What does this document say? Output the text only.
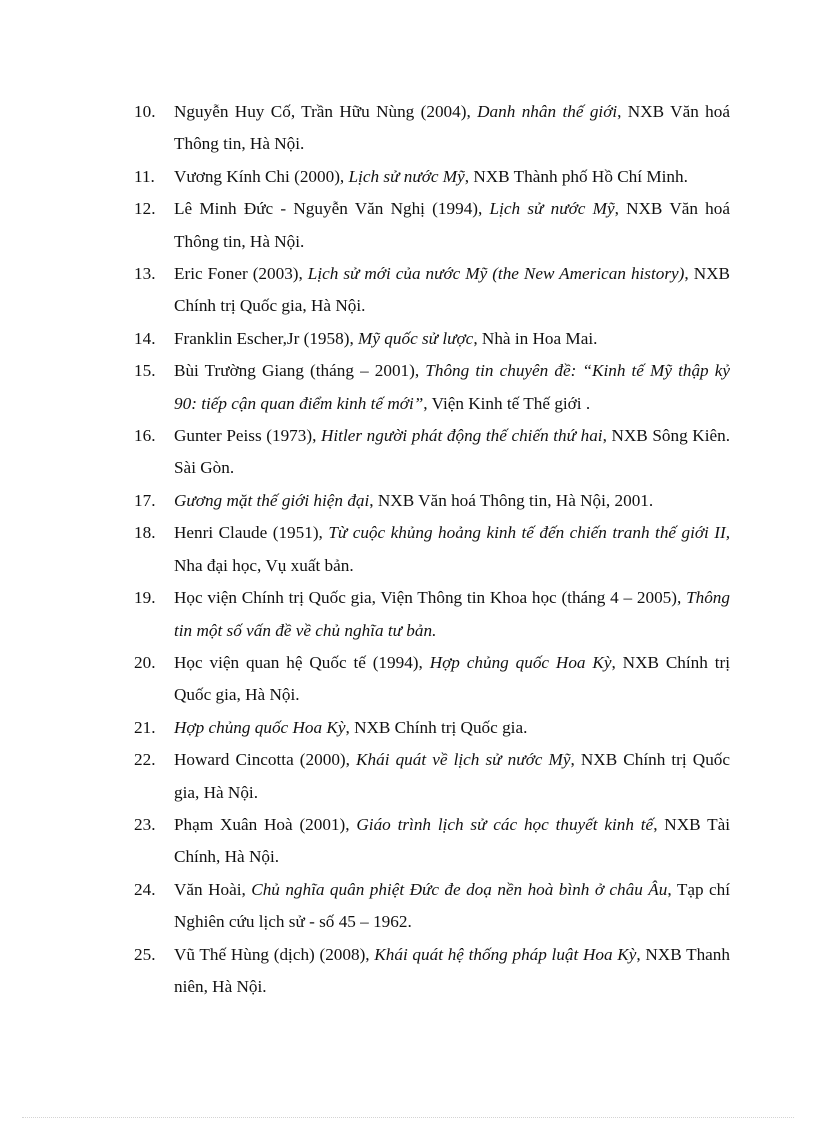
10.	Nguyễn Huy Cố, Trần Hữu Nùng (2004), Danh nhân thế giới, NXB Văn hoá Thông tin, Hà Nội.
11.	Vương Kính Chi (2000), Lịch sử nước Mỹ, NXB Thành phố Hồ Chí Minh.
12.	Lê Minh Đức - Nguyễn Văn Nghị (1994), Lịch sử nước Mỹ, NXB Văn hoá Thông tin, Hà Nội.
13.	Eric Foner (2003), Lịch sử mới của nước Mỹ (the New American history), NXB Chính trị Quốc gia, Hà Nội.
14.	Franklin Escher,Jr (1958), Mỹ quốc sử lược, Nhà in Hoa Mai.
15.	Bùi Trường Giang (tháng – 2001), Thông tin chuyên đề: “Kinh tế Mỹ thập kỷ 90: tiếp cận quan điểm kinh tế mới”, Viện Kinh tế Thế giới .
16.	Gunter Peiss (1973), Hitler người phát động thế chiến thứ hai, NXB Sông Kiên. Sài Gòn.
17.	Gương mặt thế giới hiện đại, NXB Văn hoá Thông tin, Hà Nội, 2001.
18.	Henri Claude (1951), Từ cuộc khủng hoảng kinh tế đến chiến tranh thế giới II, Nha đại học, Vụ xuất bản.
19.	Học viện Chính trị Quốc gia, Viện Thông tin Khoa học (tháng 4 – 2005), Thông tin một số vấn đề về chủ nghĩa tư bản.
20.	Học viện quan hệ Quốc tế (1994), Hợp chủng quốc Hoa Kỳ, NXB Chính trị Quốc gia, Hà Nội.
21.	Hợp chủng quốc Hoa Kỳ, NXB Chính trị Quốc gia.
22.	Howard Cincotta (2000), Khái quát về lịch sử nước Mỹ, NXB Chính trị Quốc gia, Hà Nội.
23.	Phạm Xuân Hoà (2001), Giáo trình lịch sử các học thuyết kinh tế, NXB Tài Chính, Hà Nội.
24.	Văn Hoài, Chủ nghĩa quân phiệt Đức đe doạ nền hoà bình ở châu Âu, Tạp chí Nghiên cứu lịch sử - số 45 – 1962.
25.	Vũ Thế Hùng (dịch) (2008), Khái quát hệ thống pháp luật Hoa Kỳ, NXB Thanh niên, Hà Nội.
